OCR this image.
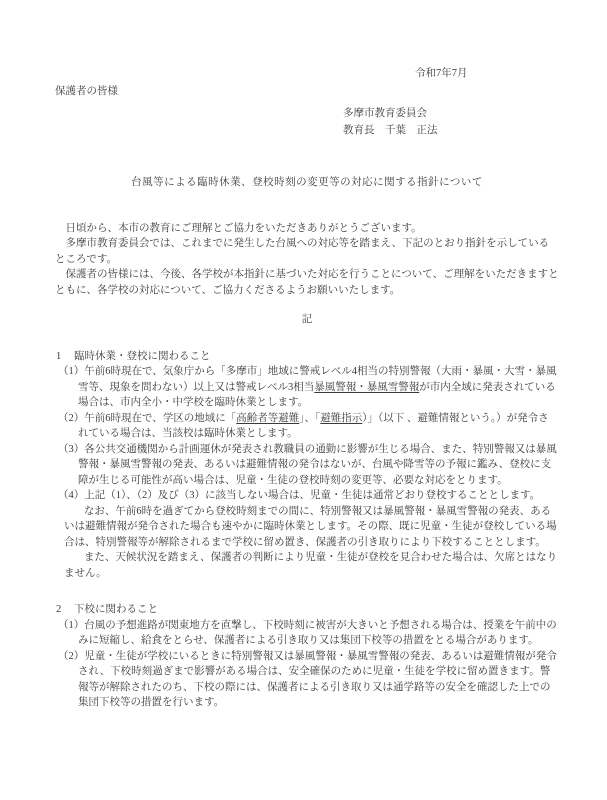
令和7年7月
保護者の皆様
多摩市教育委員会
教育長　千葉　正法
台風等による臨時休業、登校時刻の変更等の対応に関する指針について

日頃から、本市の教育にご理解とご協力をいただきありがとうございます。

多摩市教育委員会では、これまでに発生した台風への対応等を踏まえ、下記のとおり指針を示しているところです。

保護者の皆様には、今後、各学校が本指針に基づいた対応を行うことについて、ご理解をいただきますとともに、各学校の対応について、ご協力くださるようお願いいたします。

記
1 臨時休業・登校に関わること

（1）午前6時現在で、気象庁から「多摩市」地域に警戒レベル4相当の特別警報（大雨・暴風・大雪・暴風雪等、現象を問わない）以上又は警戒レベル3相当暴風警報・暴風雪警報が市内全域に発表されている場合は、市内全小・中学校を臨時休業とします。

（2）午前6時現在で、学区の地域に「高齢者等避難」、「避難指示）」（以下 、避難情報という。）が発令されている場合は、当該校は臨時休業とします。

（3）各公共交通機関から計画運休が発表され教職員の通勤に影響が生じる場合、また、特別警報又は暴風警報・暴風雪警報の発表、あるいは避難情報の発令はないが、台風や降雪等の予報に鑑み、登校に支障が生じる可能性が高い場合は、児童・生徒の登校時刻の変更等、必要な対応をとります。

（4）上記（1）、（2）及び（3）に該当しない場合は、児童・生徒は通常どおり登校することとします。

なお、午前6時を過ぎてから登校時刻までの間に、特別警報又は暴風警報・暴風雪警報の発表、あるいは避難情報が発令された場合も速やかに臨時休業とします。その際、既に児童・生徒が登校している場合は、特別警報等が解除されるまで学校に留め置き、保護者の引き取りにより下校することとします。

また、天候状況を踏まえ、保護者の判断により児童・生徒が登校を見合わせた場合は、欠席とはなりません。

2 下校に関わること

（1）台風の予想進路が関東地方を直撃し、下校時刻に被害が大きいと予想される場合は、授業を午前中のみに短縮し、給食をとらせ、保護者による引き取り又は集団下校等の措置をとる場合があります。

（2）児童・生徒が学校にいるときに特別警報又は暴風警報・暴風雪警報の発表、あるいは避難情報が発令され、下校時刻過ぎまで影響がある場合は、安全確保のために児童・生徒を学校に留め置きます。警報等が解除されたのち、下校の際には、保護者による引き取り又は通学路等の安全を確認した上での集団下校等の措置を行います。
